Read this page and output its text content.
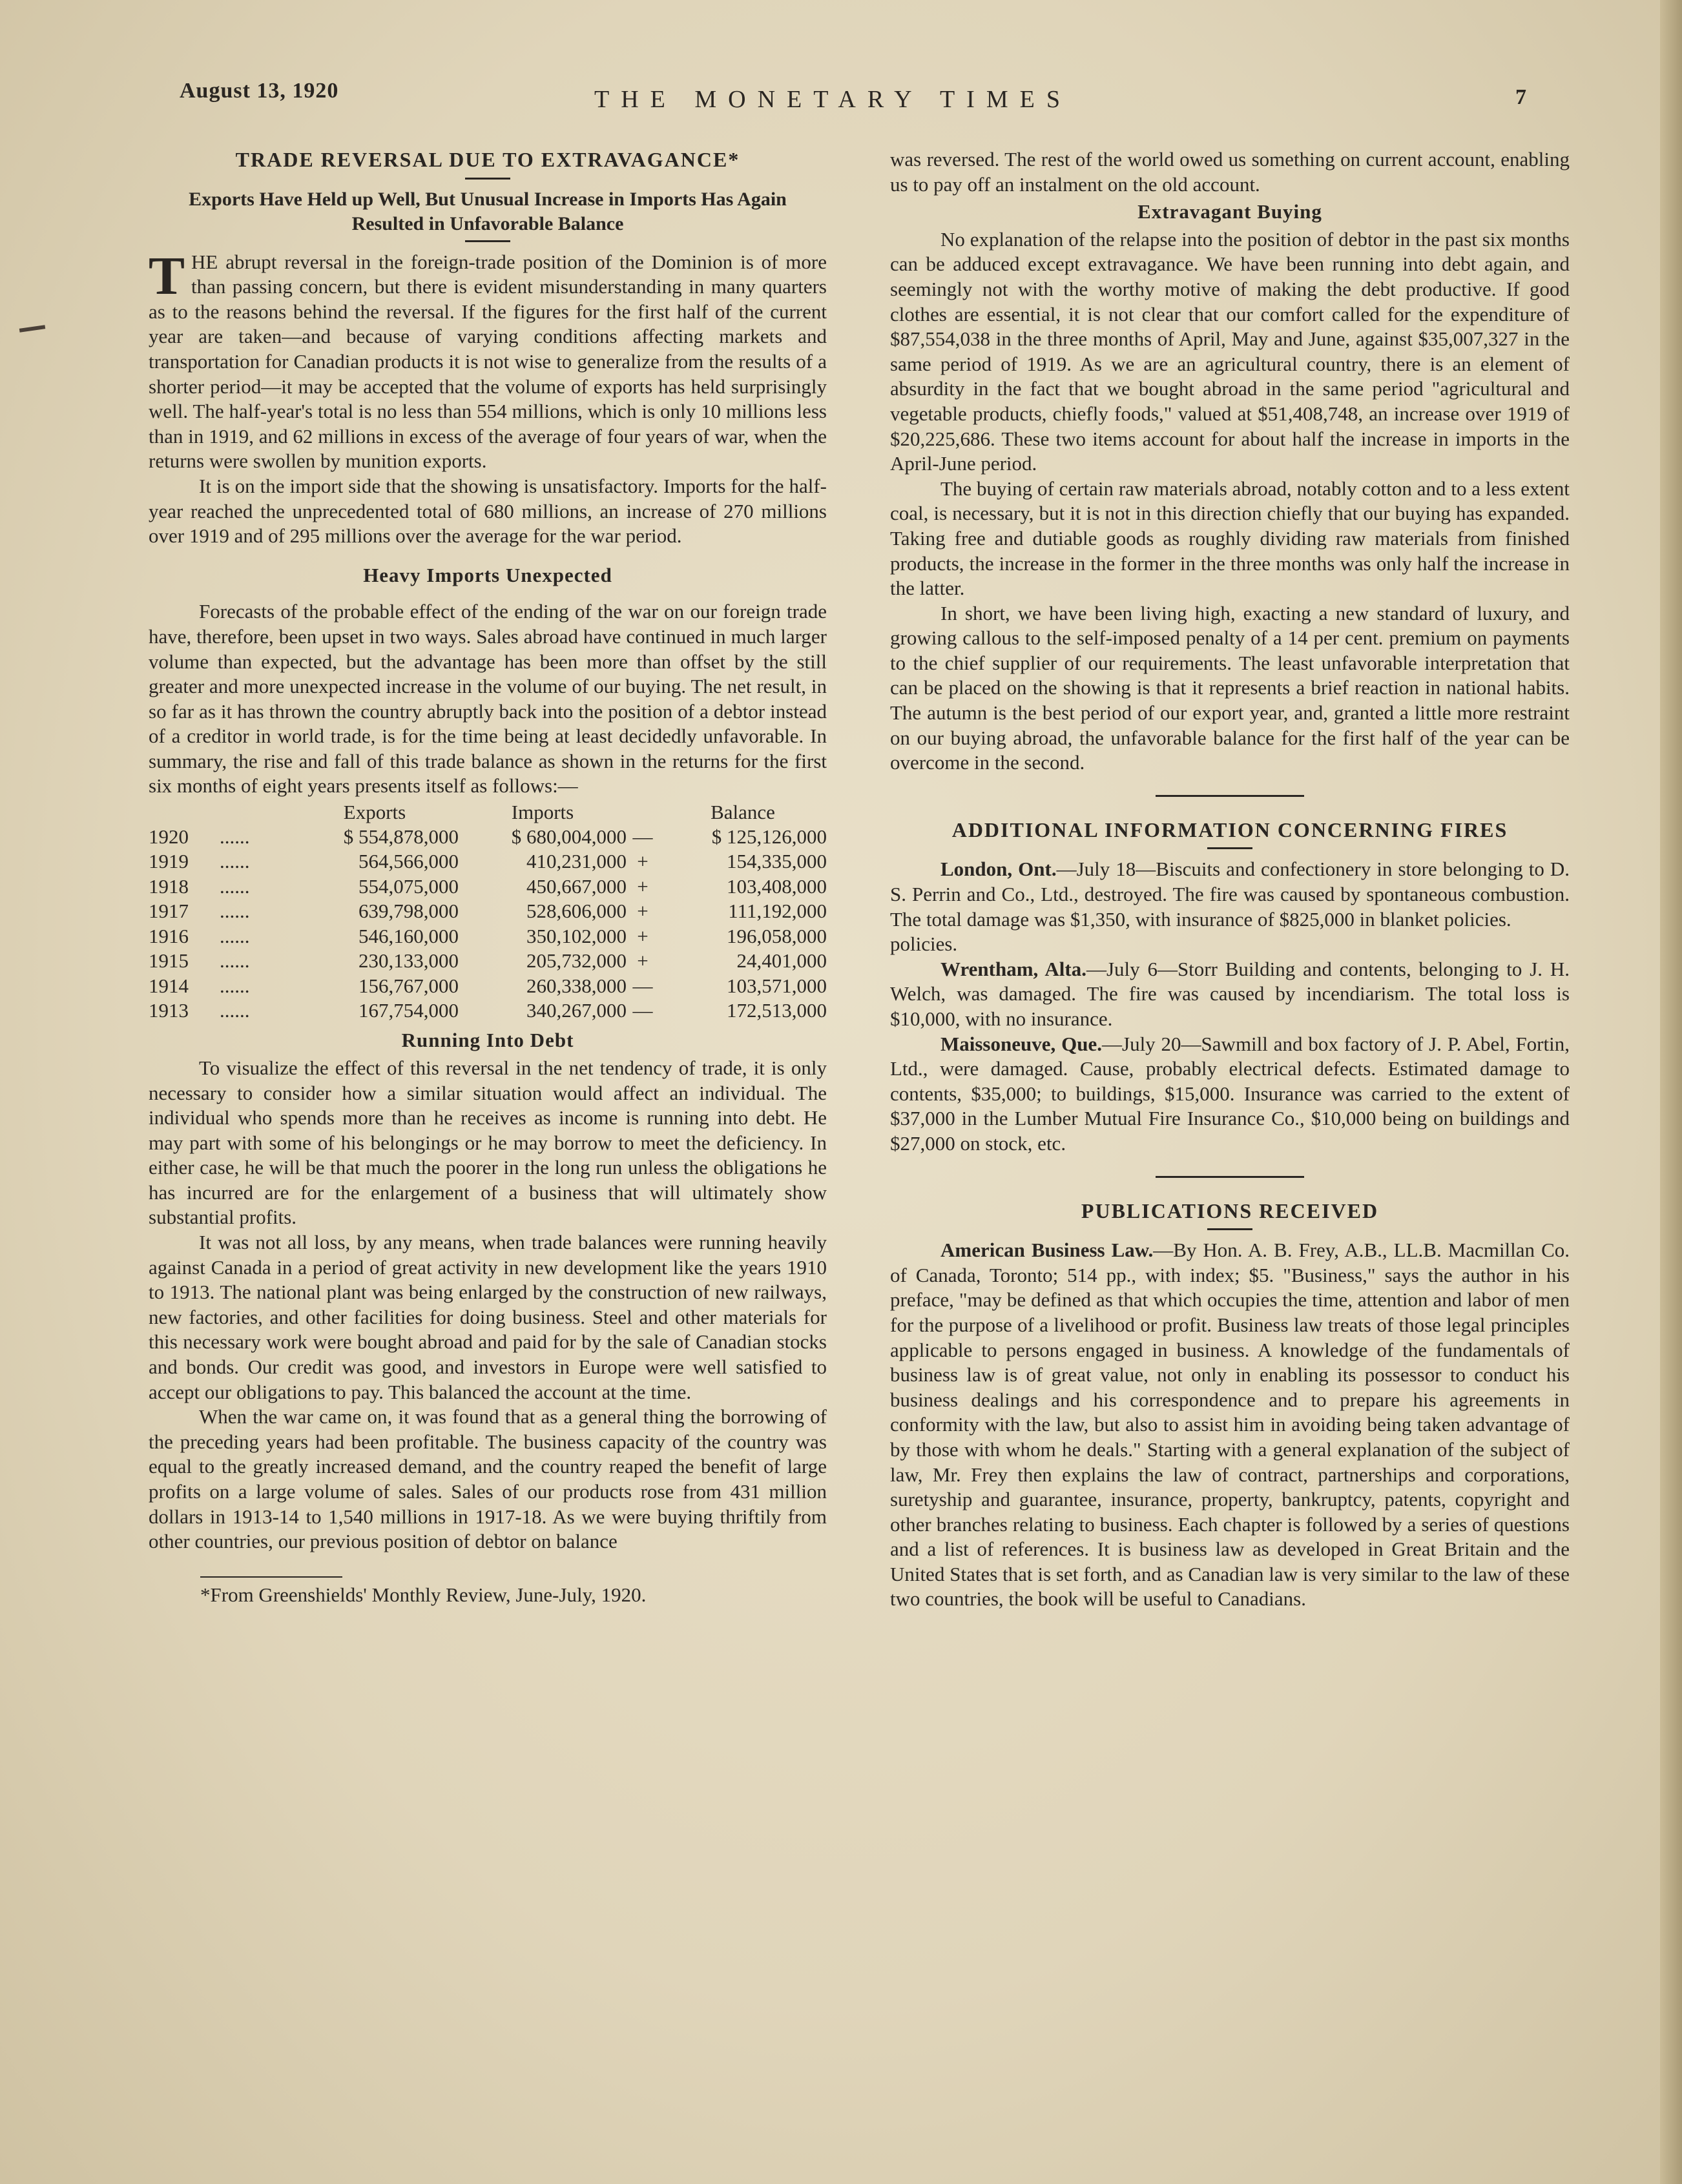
August 13, 1920	THE MONETARY TIMES	7
TRADE REVERSAL DUE TO EXTRAVAGANCE*
Exports Have Held up Well, But Unusual Increase in Imports Has Again Resulted in Unfavorable Balance

THE abrupt reversal in the foreign-trade position of the Dominion is of more than passing concern, but there is evident misunderstanding in many quarters as to the reasons behind the reversal. If the figures for the first half of the current year are taken—and because of varying conditions affecting markets and transportation for Canadian products it is not wise to generalize from the results of a shorter period—it may be accepted that the volume of exports has held surprisingly well. The half-year's total is no less than 554 millions, which is only 10 millions less than in 1919, and 62 millions in excess of the average of four years of war, when the returns were swollen by munition exports.

It is on the import side that the showing is unsatisfactory. Imports for the half-year reached the unprecedented total of 680 millions, an increase of 270 millions over 1919 and of 295 millions over the average for the war period.

Heavy Imports Unexpected

Forecasts of the probable effect of the ending of the war on our foreign trade have, therefore, been upset in two ways. Sales abroad have continued in much larger volume than expected, but the advantage has been more than offset by the still greater and more unexpected increase in the volume of our buying. The net result, in so far as it has thrown the country abruptly back into the position of a debtor instead of a creditor in world trade, is for the time being at least decidedly unfavorable. In summary, the rise and fall of this trade balance as shown in the returns for the first six months of eight years presents itself as follows:—

		Exports	Imports		Balance
1920	......	$ 554,878,000	$ 680,004,000	—	$ 125,126,000
1919	......	564,566,000	410,231,000	+	154,335,000
1918	......	554,075,000	450,667,000	+	103,408,000
1917	......	639,798,000	528,606,000	+	111,192,000
1916	......	546,160,000	350,102,000	+	196,058,000
1915	......	230,133,000	205,732,000	+	24,401,000
1914	......	156,767,000	260,338,000	—	103,571,000
1913	......	167,754,000	340,267,000	—	172,513,000
Running Into Debt

To visualize the effect of this reversal in the net tendency of trade, it is only necessary to consider how a similar situation would affect an individual. The individual who spends more than he receives as income is running into debt. He may part with some of his belongings or he may borrow to meet the deficiency. In either case, he will be that much the poorer in the long run unless the obligations he has incurred are for the enlargement of a business that will ultimately show substantial profits.

It was not all loss, by any means, when trade balances were running heavily against Canada in a period of great activity in new development like the years 1910 to 1913. The national plant was being enlarged by the construction of new railways, new factories, and other facilities for doing business. Steel and other materials for this necessary work were bought abroad and paid for by the sale of Canadian stocks and bonds. Our credit was good, and investors in Europe were well satisfied to accept our obligations to pay. This balanced the account at the time.

When the war came on, it was found that as a general thing the borrowing of the preceding years had been profitable. The business capacity of the country was equal to the greatly increased demand, and the country reaped the benefit of large profits on a large volume of sales. Sales of our products rose from 431 million dollars in 1913-14 to 1,540 millions in 1917-18. As we were buying thriftily from other countries, our previous position of debtor on balance

*From Greenshields' Monthly Review, June-July, 1920.

was reversed. The rest of the world owed us something on current account, enabling us to pay off an instalment on the old account.

Extravagant Buying

No explanation of the relapse into the position of debtor in the past six months can be adduced except extravagance. We have been running into debt again, and seemingly not with the worthy motive of making the debt productive. If good clothes are essential, it is not clear that our comfort called for the expenditure of $87,554,038 in the three months of April, May and June, against $35,007,327 in the same period of 1919. As we are an agricultural country, there is an element of absurdity in the fact that we bought abroad in the same period "agricultural and vegetable products, chiefly foods," valued at $51,408,748, an increase over 1919 of $20,225,686. These two items account for about half the increase in imports in the April-June period.

The buying of certain raw materials abroad, notably cotton and to a less extent coal, is necessary, but it is not in this direction chiefly that our buying has expanded. Taking free and dutiable goods as roughly dividing raw materials from finished products, the increase in the former in the three months was only half the increase in the latter.

In short, we have been living high, exacting a new standard of luxury, and growing callous to the self-imposed penalty of a 14 per cent. premium on payments to the chief supplier of our requirements. The least unfavorable interpretation that can be placed on the showing is that it represents a brief reaction in national habits. The autumn is the best period of our export year, and, granted a little more restraint on our buying abroad, the unfavorable balance for the first half of the year can be overcome in the second.

ADDITIONAL INFORMATION CONCERNING FIRES

London, Ont.—July 18—Biscuits and confectionery in store belonging to D. S. Perrin and Co., Ltd., destroyed. The fire was caused by spontaneous combustion. The total damage was $1,350, with insurance of $825,000 in blanket policies.

policies.

Wrentham, Alta.—July 6—Storr Building and contents, belonging to J. H. Welch, was damaged. The fire was caused by incendiarism. The total loss is $10,000, with no insurance.

Maissoneuve, Que.—July 20—Sawmill and box factory of J. P. Abel, Fortin, Ltd., were damaged. Cause, probably electrical defects. Estimated damage to contents, $35,000; to buildings, $15,000. Insurance was carried to the extent of $37,000 in the Lumber Mutual Fire Insurance Co., $10,000 being on buildings and $27,000 on stock, etc.

PUBLICATIONS RECEIVED

American Business Law.—By Hon. A. B. Frey, A.B., LL.B. Macmillan Co. of Canada, Toronto; 514 pp., with index; $5. "Business," says the author in his preface, "may be defined as that which occupies the time, attention and labor of men for the purpose of a livelihood or profit. Business law treats of those legal principles applicable to persons engaged in business. A knowledge of the fundamentals of business law is of great value, not only in enabling its possessor to conduct his business dealings and his correspondence and to prepare his agreements in conformity with the law, but also to assist him in avoiding being taken advantage of by those with whom he deals." Starting with a general explanation of the subject of law, Mr. Frey then explains the law of contract, partnerships and corporations, suretyship and guarantee, insurance, property, bankruptcy, patents, copyright and other branches relating to business. Each chapter is followed by a series of questions and a list of references. It is business law as developed in Great Britain and the United States that is set forth, and as Canadian law is very similar to the law of these two countries, the book will be useful to Canadians.
